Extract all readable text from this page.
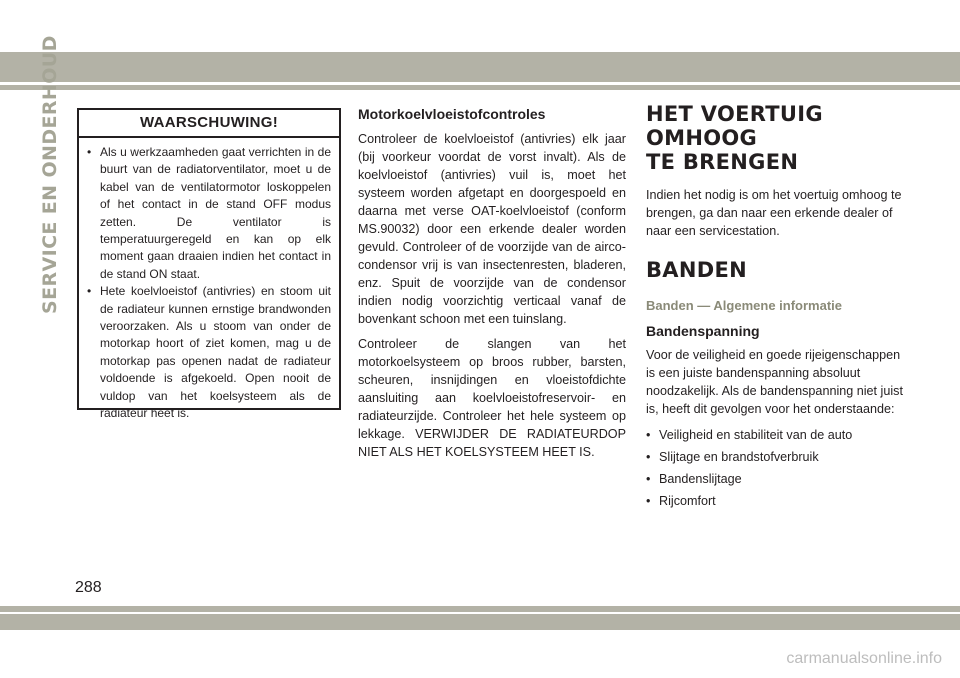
SERVICE EN ONDERHOUD	WAARSCHUWING!
• Als u werkzaamheden gaat verrichten in de buurt van de radiatorventilator, moet u de kabel van de ventilatormotor loskoppelen of het contact in de stand OFF modus zetten. De ventilator is temperatuurgeregeld en kan op elk moment gaan draaien indien het contact in de stand ON staat.
• Hete koelvloeistof (antivries) en stoom uit de radiateur kunnen ernstige brandwonden veroorzaken. Als u stoom van onder de motorkap hoort of ziet komen, mag u de motorkap pas openen nadat de radiateur voldoende is afgekoeld. Open nooit de vuldop van het koelsysteem als de radiateur heet is.
Motorkoelvloeistofcontroles

Controleer de koelvloeistof (antivries) elk jaar (bij voorkeur voordat de vorst invalt). Als de koelvloeistof (antivries) vuil is, moet het systeem worden afgetapt en doorgespoeld en daarna met verse OAT-koelvloeistof (conform MS.90032) door een erkende dealer worden gevuld. Controleer of de voorzijde van de airco-condensor vrij is van insectenresten, bladeren, enz. Spuit de voorzijde van de condensor indien nodig voorzichtig verticaal vanaf de bovenkant schoon met een tuinslang.

Controleer de slangen van het motorkoelsysteem op broos rubber, barsten, scheuren, insnijdingen en vloeistofdichte aansluiting aan koelvloeistofreservoir- en radiateurzijde. Controleer het hele systeem op lekkage. VERWIJDER DE RADIATEURDOP NIET ALS HET KOELSYSTEEM HEET IS.

HET VOERTUIG OMHOOG
TE BRENGEN

Indien het nodig is om het voertuig omhoog te brengen, ga dan naar een erkende dealer of naar een servicestation.

BANDEN
Banden — Algemene informatie
Bandenspanning

Voor de veiligheid en goede rijeigenschappen is een juiste bandenspanning absoluut noodzakelijk. Als de bandenspanning niet juist is, heeft dit gevolgen voor het onderstaande:

• Veiligheid en stabiliteit van de auto
• Slijtage en brandstofverbruik
• Bandenslijtage
• Rijcomfort
288
carmanualsonline.info
